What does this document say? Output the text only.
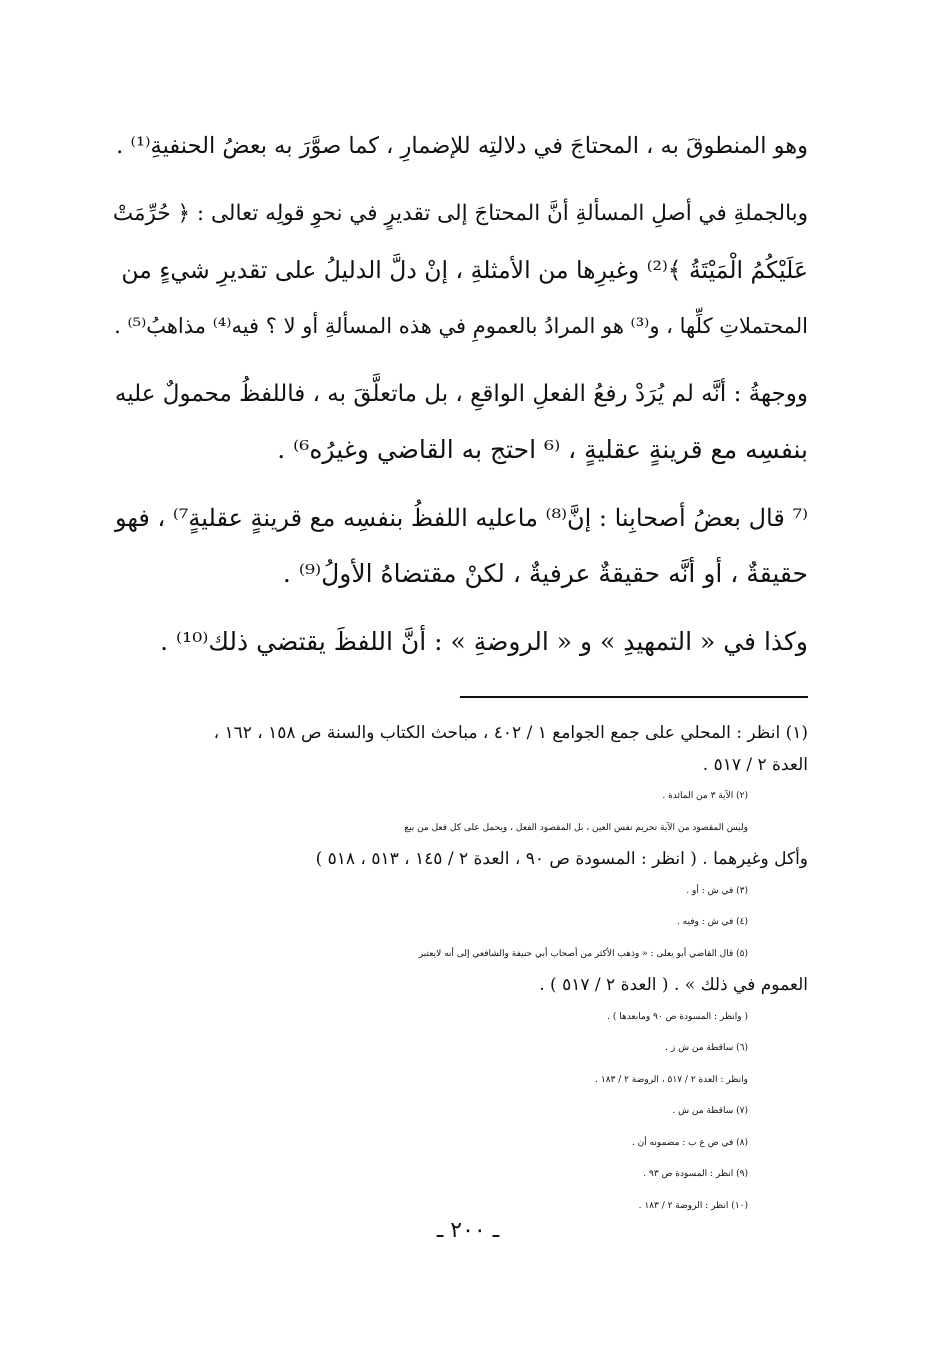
وهو المنطوقَ به ، المحتاجَ في دلالتِه للإضمارِ ، كما صوَّرَ به بعضُ الحنفيةِ⁽¹⁾ .

وبالجملةِ في أصلِ المسألةِ أنَّ المحتاجَ إلى تقديرٍ في نحوِ قولِه تعالى : ﴿ حُرِّمَتْ
عَلَيْكُمُ الْمَيْتَةُ ﴾⁽²⁾ وغيرِها من الأمثلةِ ، إنْ دلَّ الدليلُ على تقديرِ شيءٍ من
المحتملاتِ كلِّها ، و⁽³⁾ هو المرادُ بالعمومِ في هذه المسألةِ أو لا ؟ فيه⁽⁴⁾ مذاهبُ⁽⁵⁾ .

ووجهةُ : أنَّه لم يُرَدْ رفعُ الفعلِ الواقعِ ، بل ماتعلَّقَ به ، فاللفظُ محمولٌ عليه
بنفسِه مع قرينةٍ عقليةٍ ، ⁽⁶ احتج به القاضي وغيرُه⁶⁾ .

⁽⁷ قال بعضُ أصحابِنا : إنَّ⁽⁸⁾ ماعليه اللفظُ بنفسِه مع قرينةٍ عقليةٍ⁷⁾ ، فهو
حقيقةٌ ، أو أنَّه حقيقةٌ عرفيةٌ ، لكنْ مقتضاهُ الأولُ⁽⁹⁾ .

وكذا في « التمهيدِ » و « الروضةِ » : أنَّ اللفظَ يقتضي ذلك⁽¹⁰⁾ .

(١) انظر : المحلي على جمع الجوامع ١ / ٤٠٢ ، مباحث الكتاب والسنة ص ١٥٨ ، ١٦٢ ،
العدة ٢ / ٥١٧ .
(٢) الآية ٣ من المائدة .
وليس المقصود من الآية تحريم نفس العين ، بل المقصود الفعل ، ويحمل على كل فعل من بيع
وأكل وغيرهما . ( انظر : المسودة ص ٩٠ ، العدة ٢ / ١٤٥ ، ٥١٣ ، ٥١٨ )
(٣) في ش : أو .
(٤) في ش : وفيه .
(٥) قال القاضي أبو يعلى : « وذهب الأكثر من أصحاب أبي حنيفة والشافعي إلى أنه لايعتبر
العموم في ذلك » . ( العدة ٢ / ٥١٧ ) .
( وانظر : المسودة ص ٩٠ ومابعدها ) .
(٦) ساقطة من ش ز .
وانظر : العدة ٢ / ٥١٧ ، الروضة ٢ / ١٨٣ .
(٧) ساقطة من ش .
(٨) في ض ع ب : مضمونه أن .
(٩) انظر : المسودة ص ٩٣ .
(١٠) انظر : الروضة ٢ / ١٨٣ .
ـ ٢٠٠ ـ
